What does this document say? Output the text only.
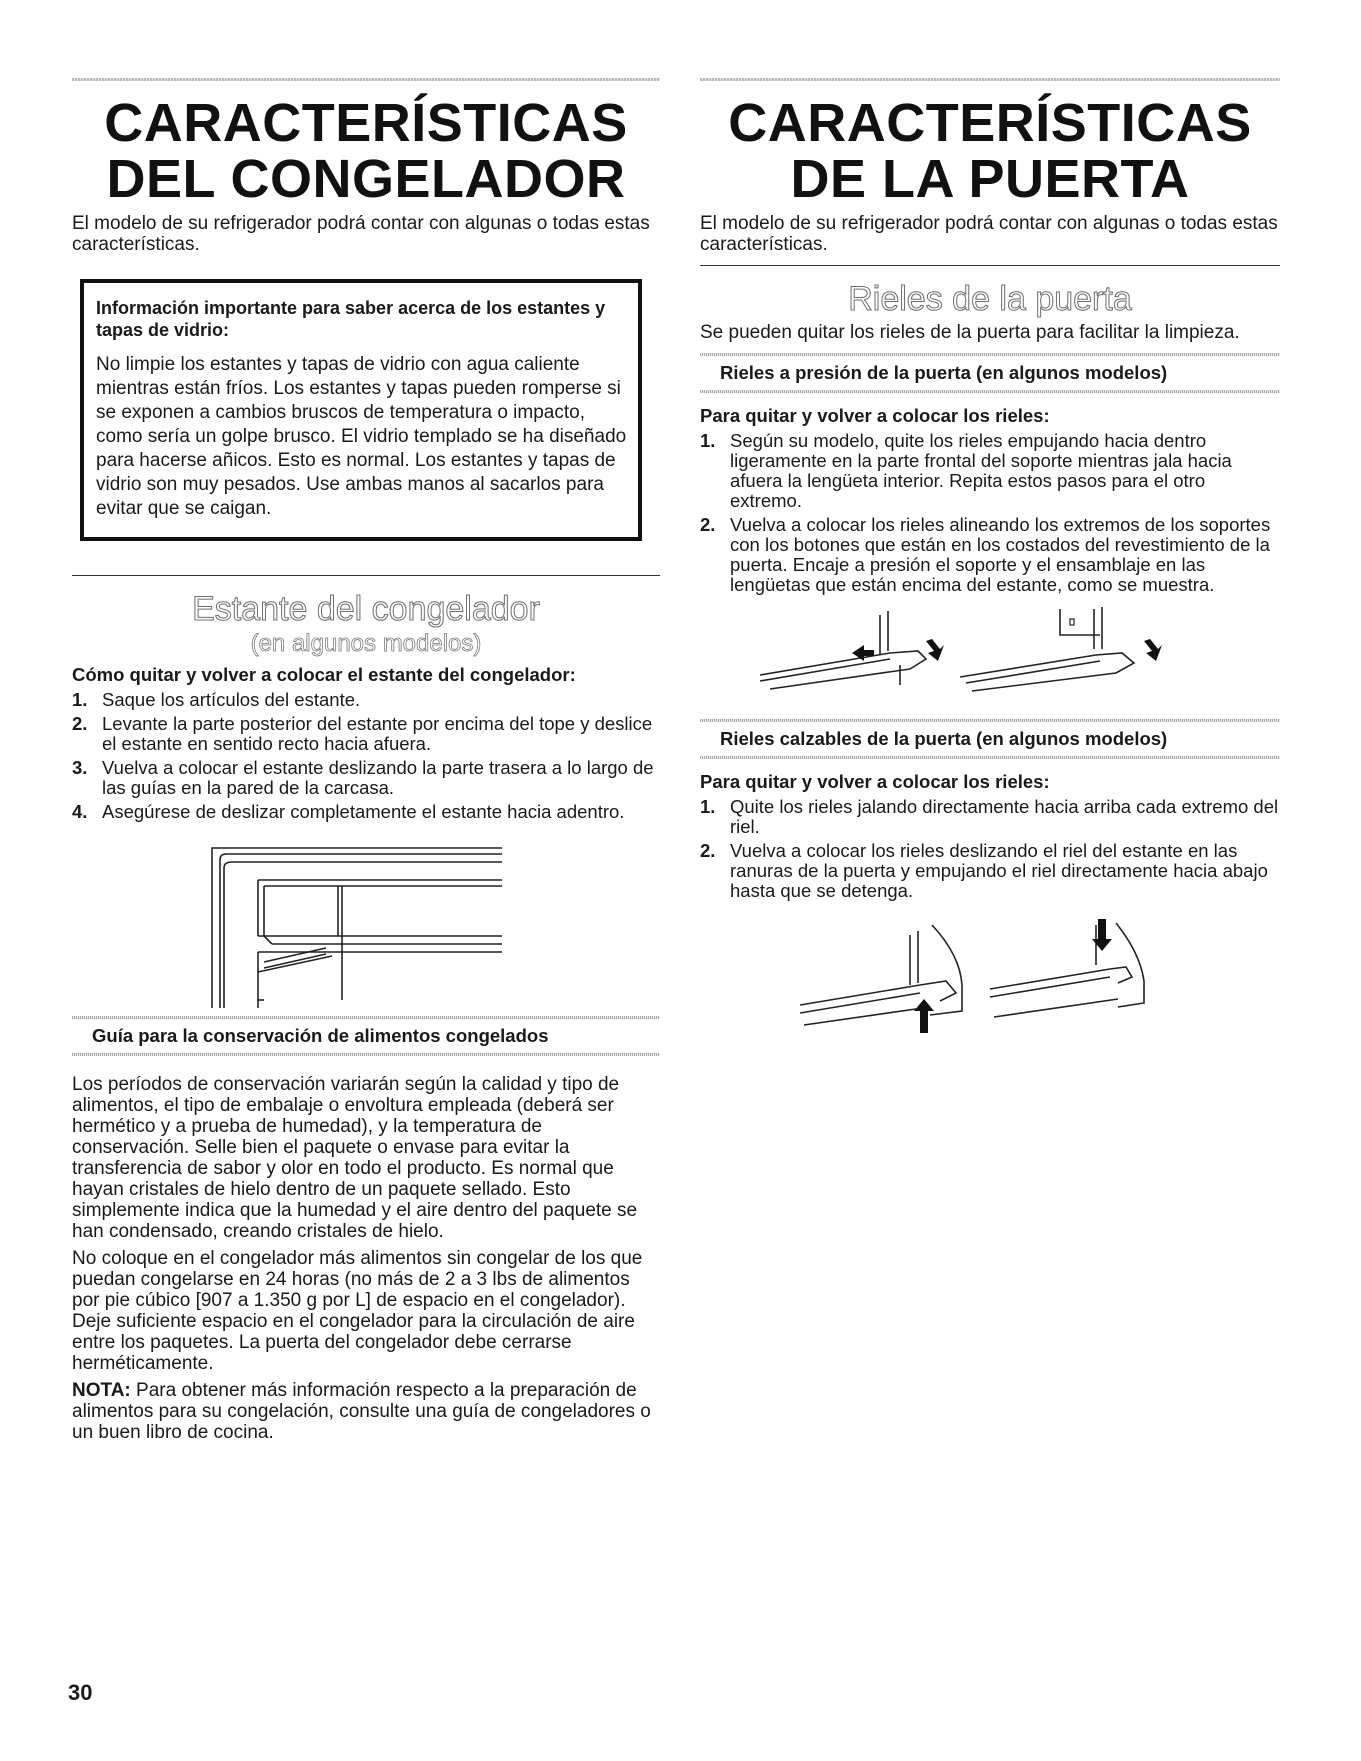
CARACTERÍSTICAS
DEL CONGELADOR

El modelo de su refrigerador podrá contar con algunas o todas estas características.

Información importante para saber acerca de los estantes y tapas de vidrio:

No limpie los estantes y tapas de vidrio con agua caliente mientras están fríos. Los estantes y tapas pueden romperse si se exponen a cambios bruscos de temperatura o impacto, como sería un golpe brusco. El vidrio templado se ha diseñado para hacerse añicos. Esto es normal. Los estantes y tapas de vidrio son muy pesados. Use ambas manos al sacarlos para evitar que se caigan.

Estante del congelador

(en algunos modelos)

Cómo quitar y volver a colocar el estante del congelador:

1. Saque los artículos del estante.
2. Levante la parte posterior del estante por encima del tope y deslice el estante en sentido recto hacia afuera.
3. Vuelva a colocar el estante deslizando la parte trasera a lo largo de las guías en la pared de la carcasa.
4. Asegúrese de deslizar completamente el estante hacia adentro.
Guía para la conservación de alimentos congelados

Los períodos de conservación variarán según la calidad y tipo de alimentos, el tipo de embalaje o envoltura empleada (deberá ser hermético y a prueba de humedad), y la temperatura de conservación. Selle bien el paquete o envase para evitar la transferencia de sabor y olor en todo el producto. Es normal que hayan cristales de hielo dentro de un paquete sellado. Esto simplemente indica que la humedad y el aire dentro del paquete se han condensado, creando cristales de hielo.

No coloque en el congelador más alimentos sin congelar de los que puedan congelarse en 24 horas (no más de 2 a 3 lbs de alimentos por pie cúbico [907 a 1.350 g por L] de espacio en el congelador). Deje suficiente espacio en el congelador para la circulación de aire entre los paquetes. La puerta del congelador debe cerrarse herméticamente.

NOTA: Para obtener más información respecto a la preparación de alimentos para su congelación, consulte una guía de congeladores o un buen libro de cocina.

CARACTERÍSTICAS
DE LA PUERTA

El modelo de su refrigerador podrá contar con algunas o todas estas características.

Rieles de la puerta

Se pueden quitar los rieles de la puerta para facilitar la limpieza.

Rieles a presión de la puerta (en algunos modelos)

Para quitar y volver a colocar los rieles:

1. Según su modelo, quite los rieles empujando hacia dentro ligeramente en la parte frontal del soporte mientras jala hacia afuera la lengüeta interior. Repita estos pasos para el otro extremo.
2. Vuelva a colocar los rieles alineando los extremos de los soportes con los botones que están en los costados del revestimiento de la puerta. Encaje a presión el soporte y el ensamblaje en las lengüetas que están encima del estante, como se muestra.
Rieles calzables de la puerta (en algunos modelos)

Para quitar y volver a colocar los rieles:

1. Quite los rieles jalando directamente hacia arriba cada extremo del riel.
2. Vuelva a colocar los rieles deslizando el riel del estante en las ranuras de la puerta y empujando el riel directamente hacia abajo hasta que se detenga.
30
